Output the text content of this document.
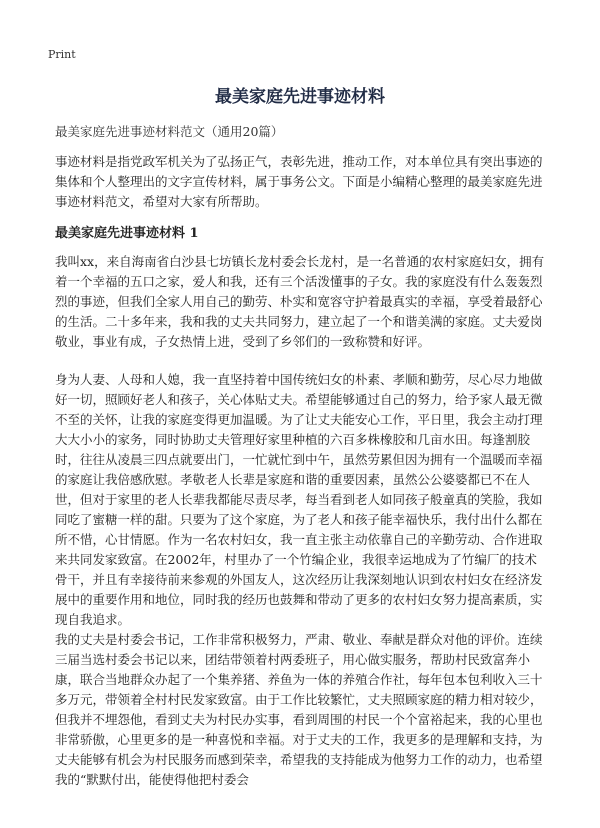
Print
最美家庭先进事迹材料
最美家庭先进事迹材料范文（通用20篇）

事迹材料是指党政军机关为了弘扬正气，表彰先进，推动工作，对本单位具有突出事迹的集体和个人整理出的文字宣传材料，属于事务公文。下面是小编精心整理的最美家庭先进事迹材料范文，希望对大家有所帮助。

最美家庭先进事迹材料 1

我叫xx，来自海南省白沙县七坊镇长龙村委会长龙村，是一名普通的农村家庭妇女，拥有着一个幸福的五口之家，爱人和我，还有三个活泼懂事的子女。我的家庭没有什么轰轰烈烈的事迹，但我们全家人用自己的勤劳、朴实和宽容守护着最真实的幸福，享受着最舒心的生活。二十多年来，我和我的丈夫共同努力，建立起了一个和谐美满的家庭。丈夫爱岗敬业，事业有成，子女热情上进，受到了乡邻们的一致称赞和好评。

身为人妻、人母和人媳，我一直坚持着中国传统妇女的朴素、孝顺和勤劳，尽心尽力地做好一切，照顾好老人和孩子，关心体贴丈夫。希望能够通过自己的努力，给予家人最无微不至的关怀，让我的家庭变得更加温暖。为了让丈夫能安心工作，平日里，我会主动打理大大小小的家务，同时协助丈夫管理好家里种植的六百多株橡胶和几亩水田。每逢割胶时，往往从凌晨三四点就要出门，一忙就忙到中午，虽然劳累但因为拥有一个温暖而幸福的家庭让我倍感欣慰。孝敬老人长辈是家庭和谐的重要因素，虽然公公婆婆都已不在人世，但对于家里的老人长辈我都能尽责尽孝，每当看到老人如同孩子般童真的笑脸，我如同吃了蜜糖一样的甜。只要为了这个家庭，为了老人和孩子能幸福快乐，我付出什么都在所不惜，心甘情愿。作为一名农村妇女，我一直主张主动依靠自己的辛勤劳动、合作进取来共同发家致富。在2002年，村里办了一个竹编企业，我很幸运地成为了竹编厂的技术骨干，并且有幸接待前来参观的外国友人，这次经历让我深刻地认识到农村妇女在经济发展中的重要作用和地位，同时我的经历也鼓舞和带动了更多的农村妇女努力提高素质，实现自我追求。

我的丈夫是村委会书记，工作非常积极努力，严肃、敬业、奉献是群众对他的评价。连续三届当选村委会书记以来，团结带领着村两委班子，用心做实服务，帮助村民致富奔小康，联合当地群众办起了一个集养猪、养鱼为一体的养殖合作社，每年包本包利收入三十多万元，带领着全村村民发家致富。由于工作比较繁忙，丈夫照顾家庭的精力相对较少，但我并不埋怨他，看到丈夫为村民办实事，看到周围的村民一个个富裕起来，我的心里也非常骄傲，心里更多的是一种喜悦和幸福。对于丈夫的工作，我更多的是理解和支持，为丈夫能够有机会为村民服务而感到荣幸，希望我的支持能成为他努力工作的动力，也希望我的“默默付出，能使得他把村委会
